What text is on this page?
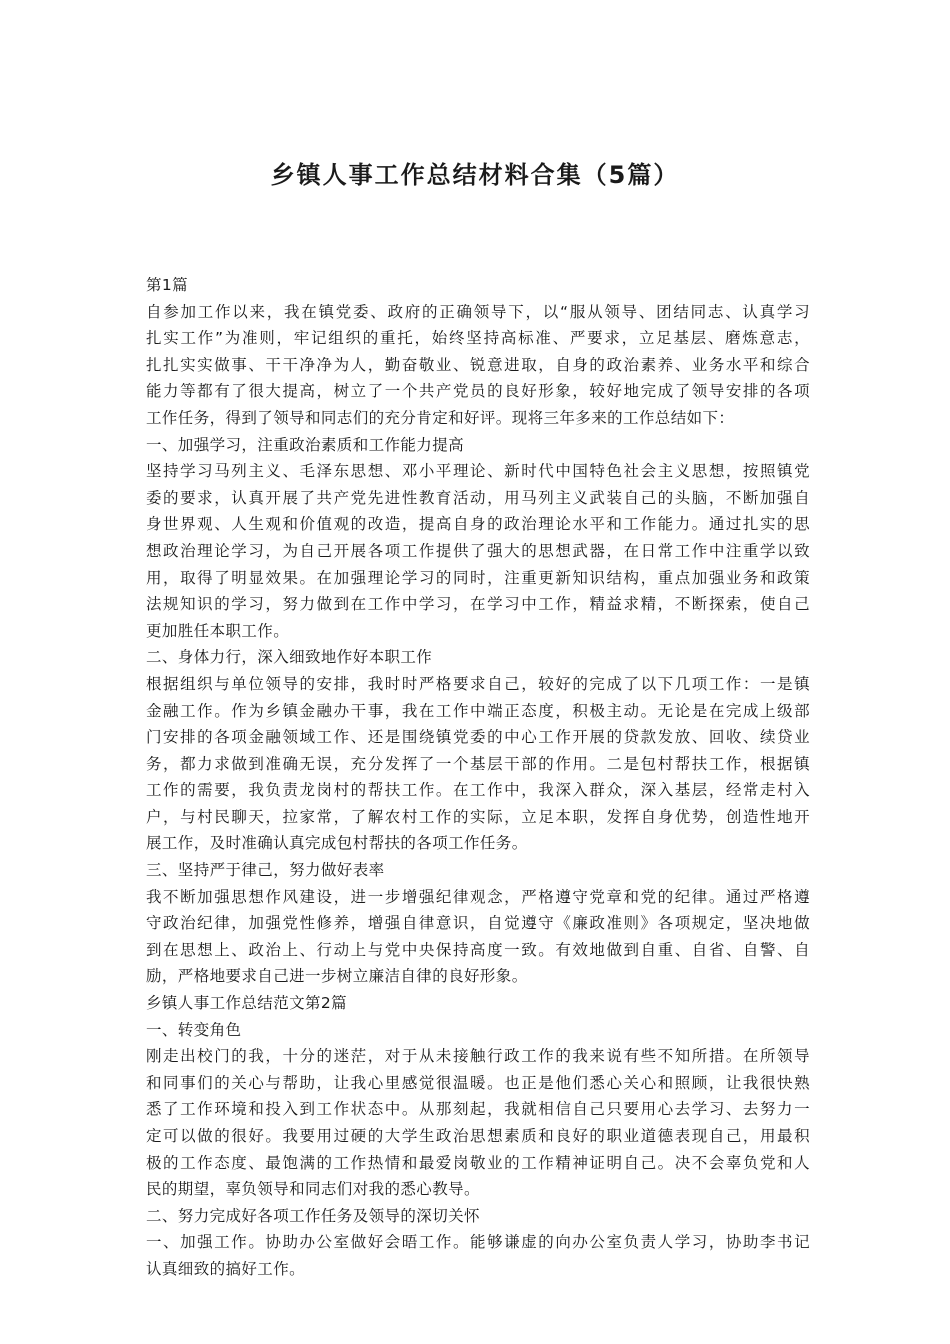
乡镇人事工作总结材料合集（5篇）
第1篇
自参加工作以来，我在镇党委、政府的正确领导下，以“服从领导、团结同志、认真学习
扎实工作”为准则，牢记组织的重托，始终坚持高标准、严要求，立足基层、磨炼意志，
扎扎实实做事、干干净净为人，勤奋敬业、锐意进取，自身的政治素养、业务水平和综合
能力等都有了很大提高，树立了一个共产党员的良好形象，较好地完成了领导安排的各项
工作任务，得到了领导和同志们的充分肯定和好评。现将三年多来的工作总结如下：
一、加强学习，注重政治素质和工作能力提高
坚持学习马列主义、毛泽东思想、邓小平理论、新时代中国特色社会主义思想，按照镇党
委的要求，认真开展了共产党先进性教育活动，用马列主义武装自己的头脑，不断加强自
身世界观、人生观和价值观的改造，提高自身的政治理论水平和工作能力。通过扎实的思
想政治理论学习，为自己开展各项工作提供了强大的思想武器，在日常工作中注重学以致
用，取得了明显效果。在加强理论学习的同时，注重更新知识结构，重点加强业务和政策
法规知识的学习，努力做到在工作中学习，在学习中工作，精益求精，不断探索，使自己
更加胜任本职工作。
二、身体力行，深入细致地作好本职工作
根据组织与单位领导的安排，我时时严格要求自己，较好的完成了以下几项工作：一是镇
金融工作。作为乡镇金融办干事，我在工作中端正态度，积极主动。无论是在完成上级部
门安排的各项金融领域工作、还是围绕镇党委的中心工作开展的贷款发放、回收、续贷业
务，都力求做到准确无误，充分发挥了一个基层干部的作用。二是包村帮扶工作，根据镇
工作的需要，我负责龙岗村的帮扶工作。在工作中，我深入群众，深入基层，经常走村入
户，与村民聊天，拉家常，了解农村工作的实际，立足本职，发挥自身优势，创造性地开
展工作，及时准确认真完成包村帮扶的各项工作任务。
三、坚持严于律己，努力做好表率
我不断加强思想作风建设，进一步增强纪律观念，严格遵守党章和党的纪律。通过严格遵
守政治纪律，加强党性修养，增强自律意识，自觉遵守《廉政准则》各项规定，坚决地做
到在思想上、政治上、行动上与党中央保持高度一致。有效地做到自重、自省、自警、自
励，严格地要求自己进一步树立廉洁自律的良好形象。
乡镇人事工作总结范文第2篇
一、转变角色
刚走出校门的我，十分的迷茫，对于从未接触行政工作的我来说有些不知所措。在所领导
和同事们的关心与帮助，让我心里感觉很温暖。也正是他们悉心关心和照顾，让我很快熟
悉了工作环境和投入到工作状态中。从那刻起，我就相信自己只要用心去学习、去努力一
定可以做的很好。我要用过硬的大学生政治思想素质和良好的职业道德表现自己，用最积
极的工作态度、最饱满的工作热情和最爱岗敬业的工作精神证明自己。决不会辜负党和人
民的期望，辜负领导和同志们对我的悉心教导。
二、努力完成好各项工作任务及领导的深切关怀
一、加强工作。协助办公室做好会晤工作。能够谦虚的向办公室负责人学习，协助李书记
认真细致的搞好工作。
